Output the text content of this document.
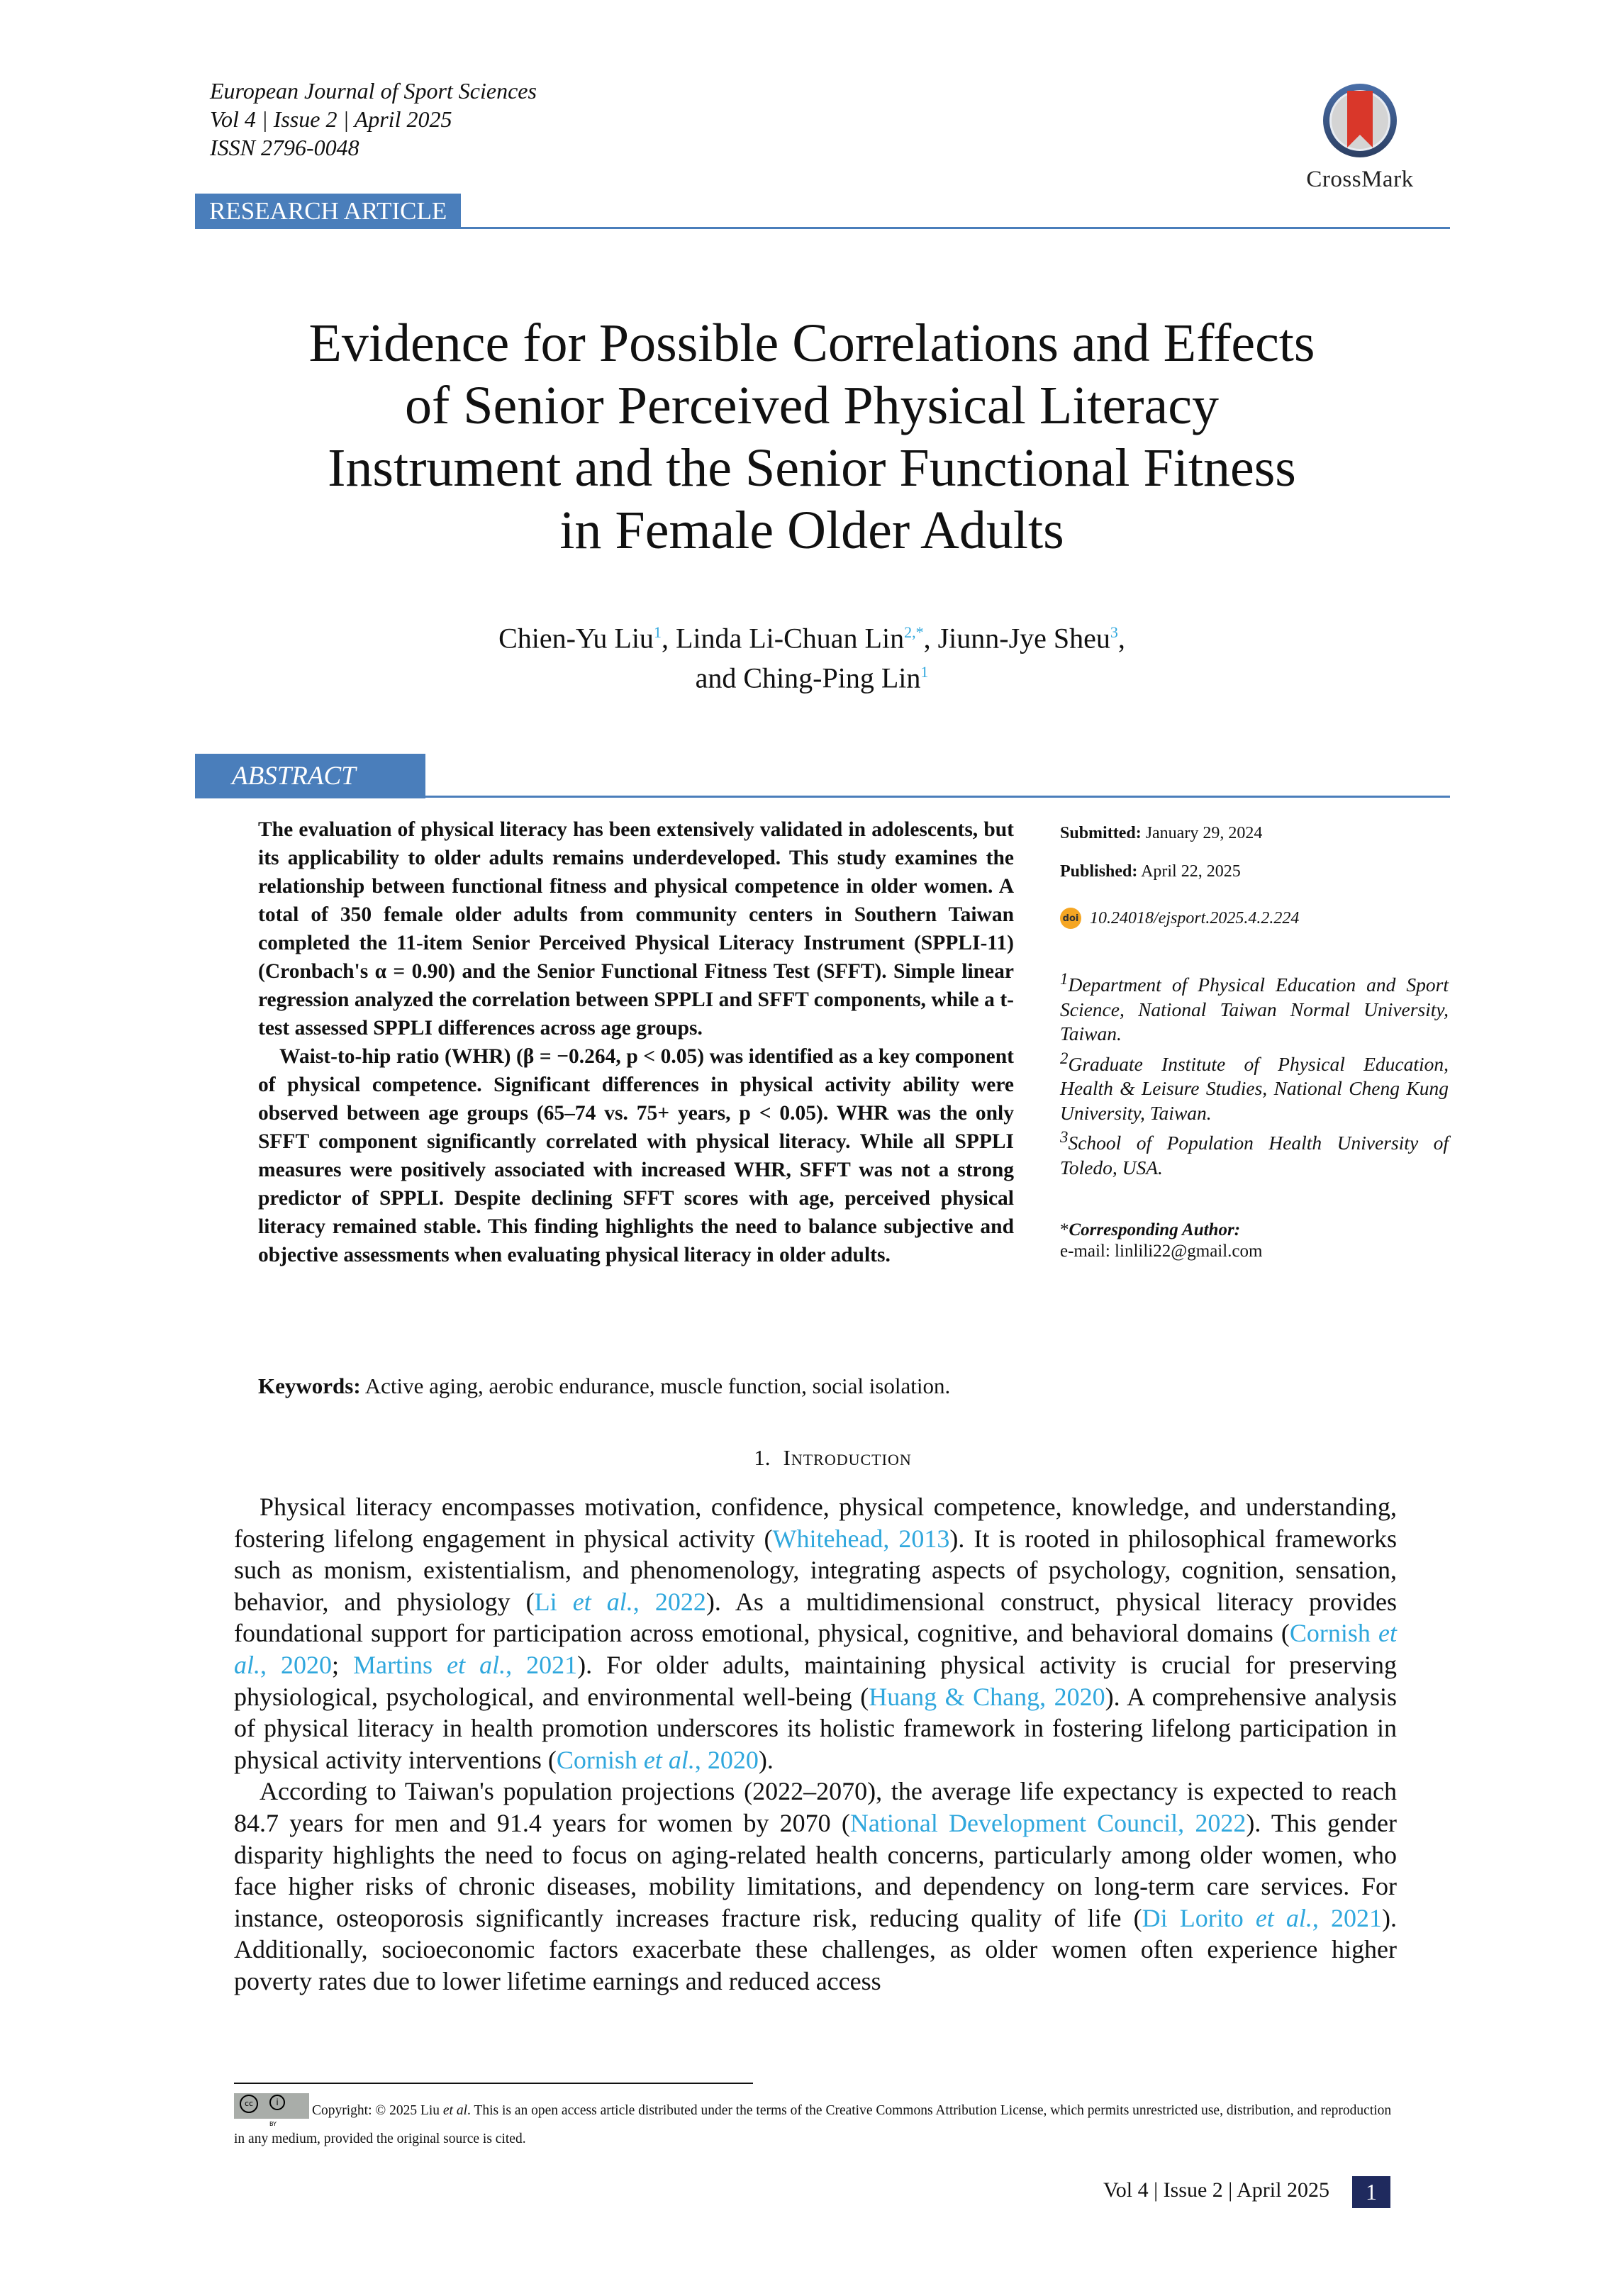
European Journal of Sport Sciences
Vol 4 | Issue 2 | April 2025
ISSN 2796-0048
CrossMark
RESEARCH ARTICLE
Evidence for Possible Correlations and Effects
of Senior Perceived Physical Literacy
Instrument and the Senior Functional Fitness
in Female Older Adults
Chien-Yu Liu$^1$, Linda Li-Chuan Lin$^{2,*}$, Jiunn-Jye Sheu$^3$,
and Ching-Ping Lin$^1$
ABSTRACT

The evaluation of physical literacy has been extensively validated in adolescents, but its applicability to older adults remains underdeveloped. This study examines the relationship between functional fitness and physical competence in older women. A total of 350 female older adults from community centers in Southern Taiwan completed the 11-item Senior Perceived Physical Literacy Instrument (SPPLI-11) (Cronbach's α = 0.90) and the Senior Functional Fitness Test (SFFT). Simple linear regression analyzed the correlation between SPPLI and SFFT components, while a t-test assessed SPPLI differences across age groups.

Waist-to-hip ratio (WHR) (β = −0.264, p < 0.05) was identified as a key component of physical competence. Significant differences in physical activity ability were observed between age groups (65–74 vs. 75+ years, p < 0.05). WHR was the only SFFT component significantly correlated with physical literacy. While all SPPLI measures were positively associated with increased WHR, SFFT was not a strong predictor of SPPLI. Despite declining SFFT scores with age, perceived physical literacy remained stable. This finding highlights the need to balance subjective and objective assessments when evaluating physical literacy in older adults.

Keywords: Active aging, aerobic endurance, muscle function, social isolation.
Submitted: January 29, 2024
Published: April 22, 2025
doi 10.24018/ejsport.2025.4.2.224
$^1$Department of Physical Education and Sport Science, National Taiwan Normal University, Taiwan.
$^2$Graduate Institute of Physical Education, Health & Leisure Studies, National Cheng Kung University, Taiwan.
$^3$School of Population Health University of Toledo, USA.
*Corresponding Author:
e-mail: linlili22@gmail.com
1. Introduction

Physical literacy encompasses motivation, confidence, physical competence, knowledge, and understanding, fostering lifelong engagement in physical activity (Whitehead, 2013). It is rooted in philosophical frameworks such as monism, existentialism, and phenomenology, integrating aspects of psychology, cognition, sensation, behavior, and physiology (Li et al., 2022). As a multidimensional construct, physical literacy provides foundational support for participation across emotional, physical, cognitive, and behavioral domains (Cornish et al., 2020; Martins et al., 2021). For older adults, maintaining physical activity is crucial for preserving physiological, psychological, and environmental well-being (Huang & Chang, 2020). A comprehensive analysis of physical literacy in health promotion underscores its holistic framework in fostering lifelong participation in physical activity interventions (Cornish et al., 2020).

According to Taiwan's population projections (2022–2070), the average life expectancy is expected to reach 84.7 years for men and 91.4 years for women by 2070 (National Development Council, 2022). This gender disparity highlights the need to focus on aging-related health concerns, particularly among older women, who face higher risks of chronic diseases, mobility limitations, and dependency on long-term care services. For instance, osteoporosis significantly increases fracture risk, reducing quality of life (Di Lorito et al., 2021). Additionally, socioeconomic factors exacerbate these challenges, as older women often experience higher poverty rates due to lower lifetime earnings and reduced access

cc	i
BY
Copyright: © 2025 Liu et al. This is an open access article distributed under the terms of the Creative Commons Attribution License, which permits unrestricted use, distribution, and reproduction in any medium, provided the original source is cited.
Vol 4 | Issue 2 | April 2025	1
